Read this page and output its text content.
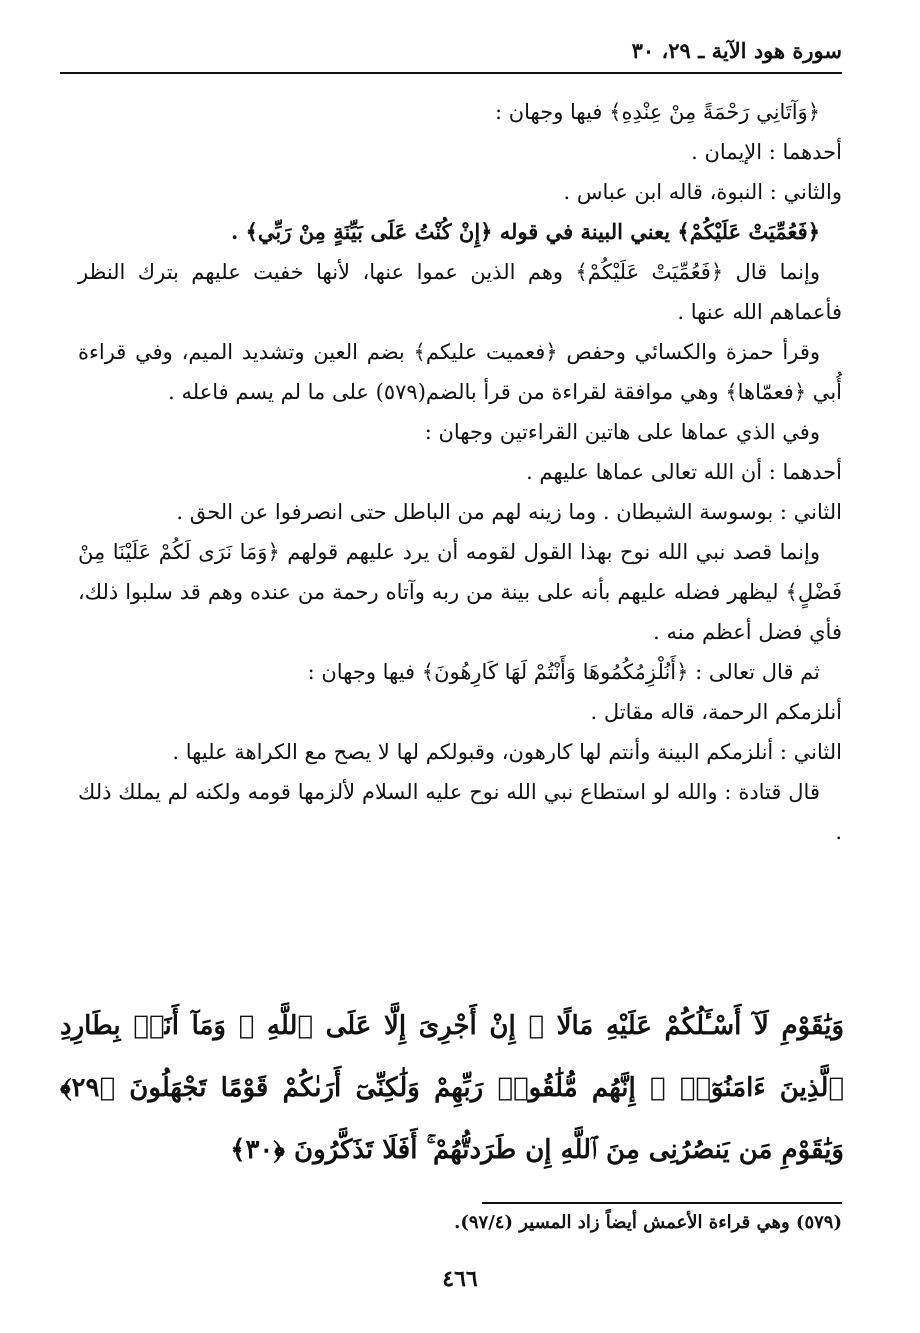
سورة هود الآية ـ ٢٩، ٣٠

﴿وَآتَانِي رَحْمَةً مِنْ عِنْدِهِ﴾ فيها وجهان :

أحدهما : الإيمان .

والثاني : النبوة، قاله ابن عباس .

﴿فَعُمِّيَتْ عَلَيْكُمْ﴾ يعني البينة في قوله ﴿إِنْ كُنْتُ عَلَى بَيِّنَةٍ مِنْ رَبِّي﴾ .

وإنما قال ﴿فَعُمِّيَتْ عَلَيْكُمْ﴾ وهم الذين عموا عنها، لأنها خفيت عليهم بترك النظر فأعماهم الله عنها .

وقرأ حمزة والكسائي وحفص ﴿فعميت عليكم﴾ بضم العين وتشديد الميم، وفي قراءة أُبي ﴿فعمّاها﴾ وهي موافقة لقراءة من قرأ بالضم(٥٧٩) على ما لم يسم فاعله .

وفي الذي عماها على هاتين القراءتين وجهان :

أحدهما : أن الله تعالى عماها عليهم .

الثاني : بوسوسة الشيطان . وما زينه لهم من الباطل حتى انصرفوا عن الحق .

وإنما قصد نبي الله نوح بهذا القول لقومه أن يرد عليهم قولهم ﴿وَمَا نَرَى لَكُمْ عَلَيْنَا مِنْ فَضْلٍ﴾ ليظهر فضله عليهم بأنه على بينة من ربه وآتاه رحمة من عنده وهم قد سلبوا ذلك، فأي فضل أعظم منه .

ثم قال تعالى : ﴿أَنُلْزِمُكُمُوهَا وَأَنْتُمْ لَهَا كَارِهُونَ﴾ فيها وجهان :

أنلزمكم الرحمة، قاله مقاتل .

الثاني : أنلزمكم البينة وأنتم لها كارهون، وقبولكم لها لا يصح مع الكراهة عليها .

قال قتادة : والله لو استطاع نبي الله نوح عليه السلام لألزمها قومه ولكنه لم يملك ذلك .

وَيَٰقَوْمِ لَآ أَسْـَٔلُكُمْ عَلَيْهِ مَالًا ۖ إِنْ أَجْرِىَ إِلَّا عَلَى ٱللَّهِ ۚ وَمَآ أَنَا۠ بِطَارِدِ ٱلَّذِينَ ءَامَنُوٓا۟ ۚ إِنَّهُم مُّلَٰقُوا۟ رَبِّهِمْ وَلَٰكِنِّىٓ أَرَىٰكُمْ قَوْمًا تَجْهَلُونَ ﴿٢٩﴾ وَيَٰقَوْمِ مَن يَنصُرُنِى مِنَ ٱللَّهِ إِن طَرَدتُّهُمْ ۚ أَفَلَا تَذَكَّرُونَ ﴿٣٠﴾
(٥٧٩) وهي قراءة الأعمش أيضاً زاد المسير (٩٧/٤).
٤٦٦
